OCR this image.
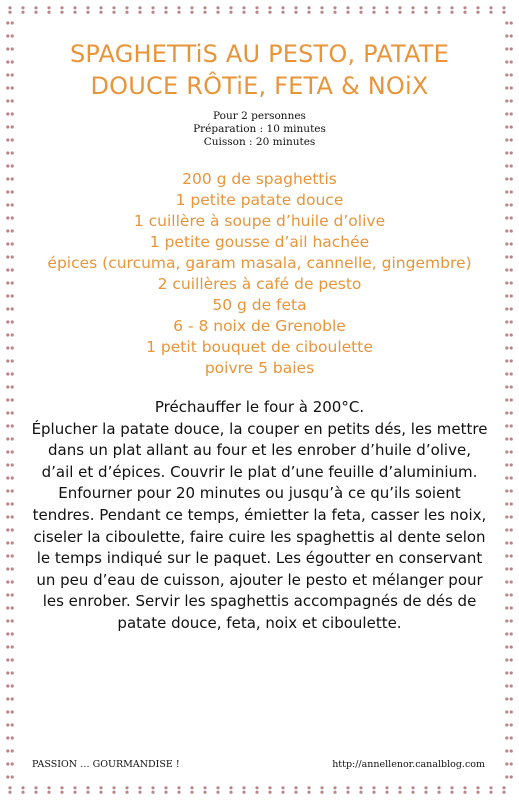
SPAGHETTiS AU PESTO, PATATE
DOUCE RÔTiE, FETA & NOiX
Pour 2 personnes
Préparation : 10 minutes
Cuisson : 20 minutes
200 g de spaghettis
1 petite patate douce
1 cuillère à soupe d’huile d’olive
1 petite gousse d’ail hachée
épices (curcuma, garam masala, cannelle, gingembre)
2 cuillères à café de pesto
50 g de feta
6 - 8 noix de Grenoble
1 petit bouquet de ciboulette
poivre 5 baies

Préchauffer le four à 200°C.

Éplucher la patate douce, la couper en petits dés, les mettre dans un plat allant au four et les enrober d’huile d’olive, d’ail et d’épices. Couvrir le plat d’une feuille d’aluminium. Enfourner pour 20 minutes ou jusqu’à ce qu’ils soient tendres. Pendant ce temps, émietter la feta, casser les noix, ciseler la ciboulette, faire cuire les spaghettis al dente selon le temps indiqué sur le paquet. Les égoutter en conservant un peu d’eau de cuisson, ajouter le pesto et mélanger pour les enrober. Servir les spaghettis accompagnés de dés de patate douce, feta, noix et ciboulette.

PASSION … GOURMANDISE !	http://annellenor.canalblog.com
